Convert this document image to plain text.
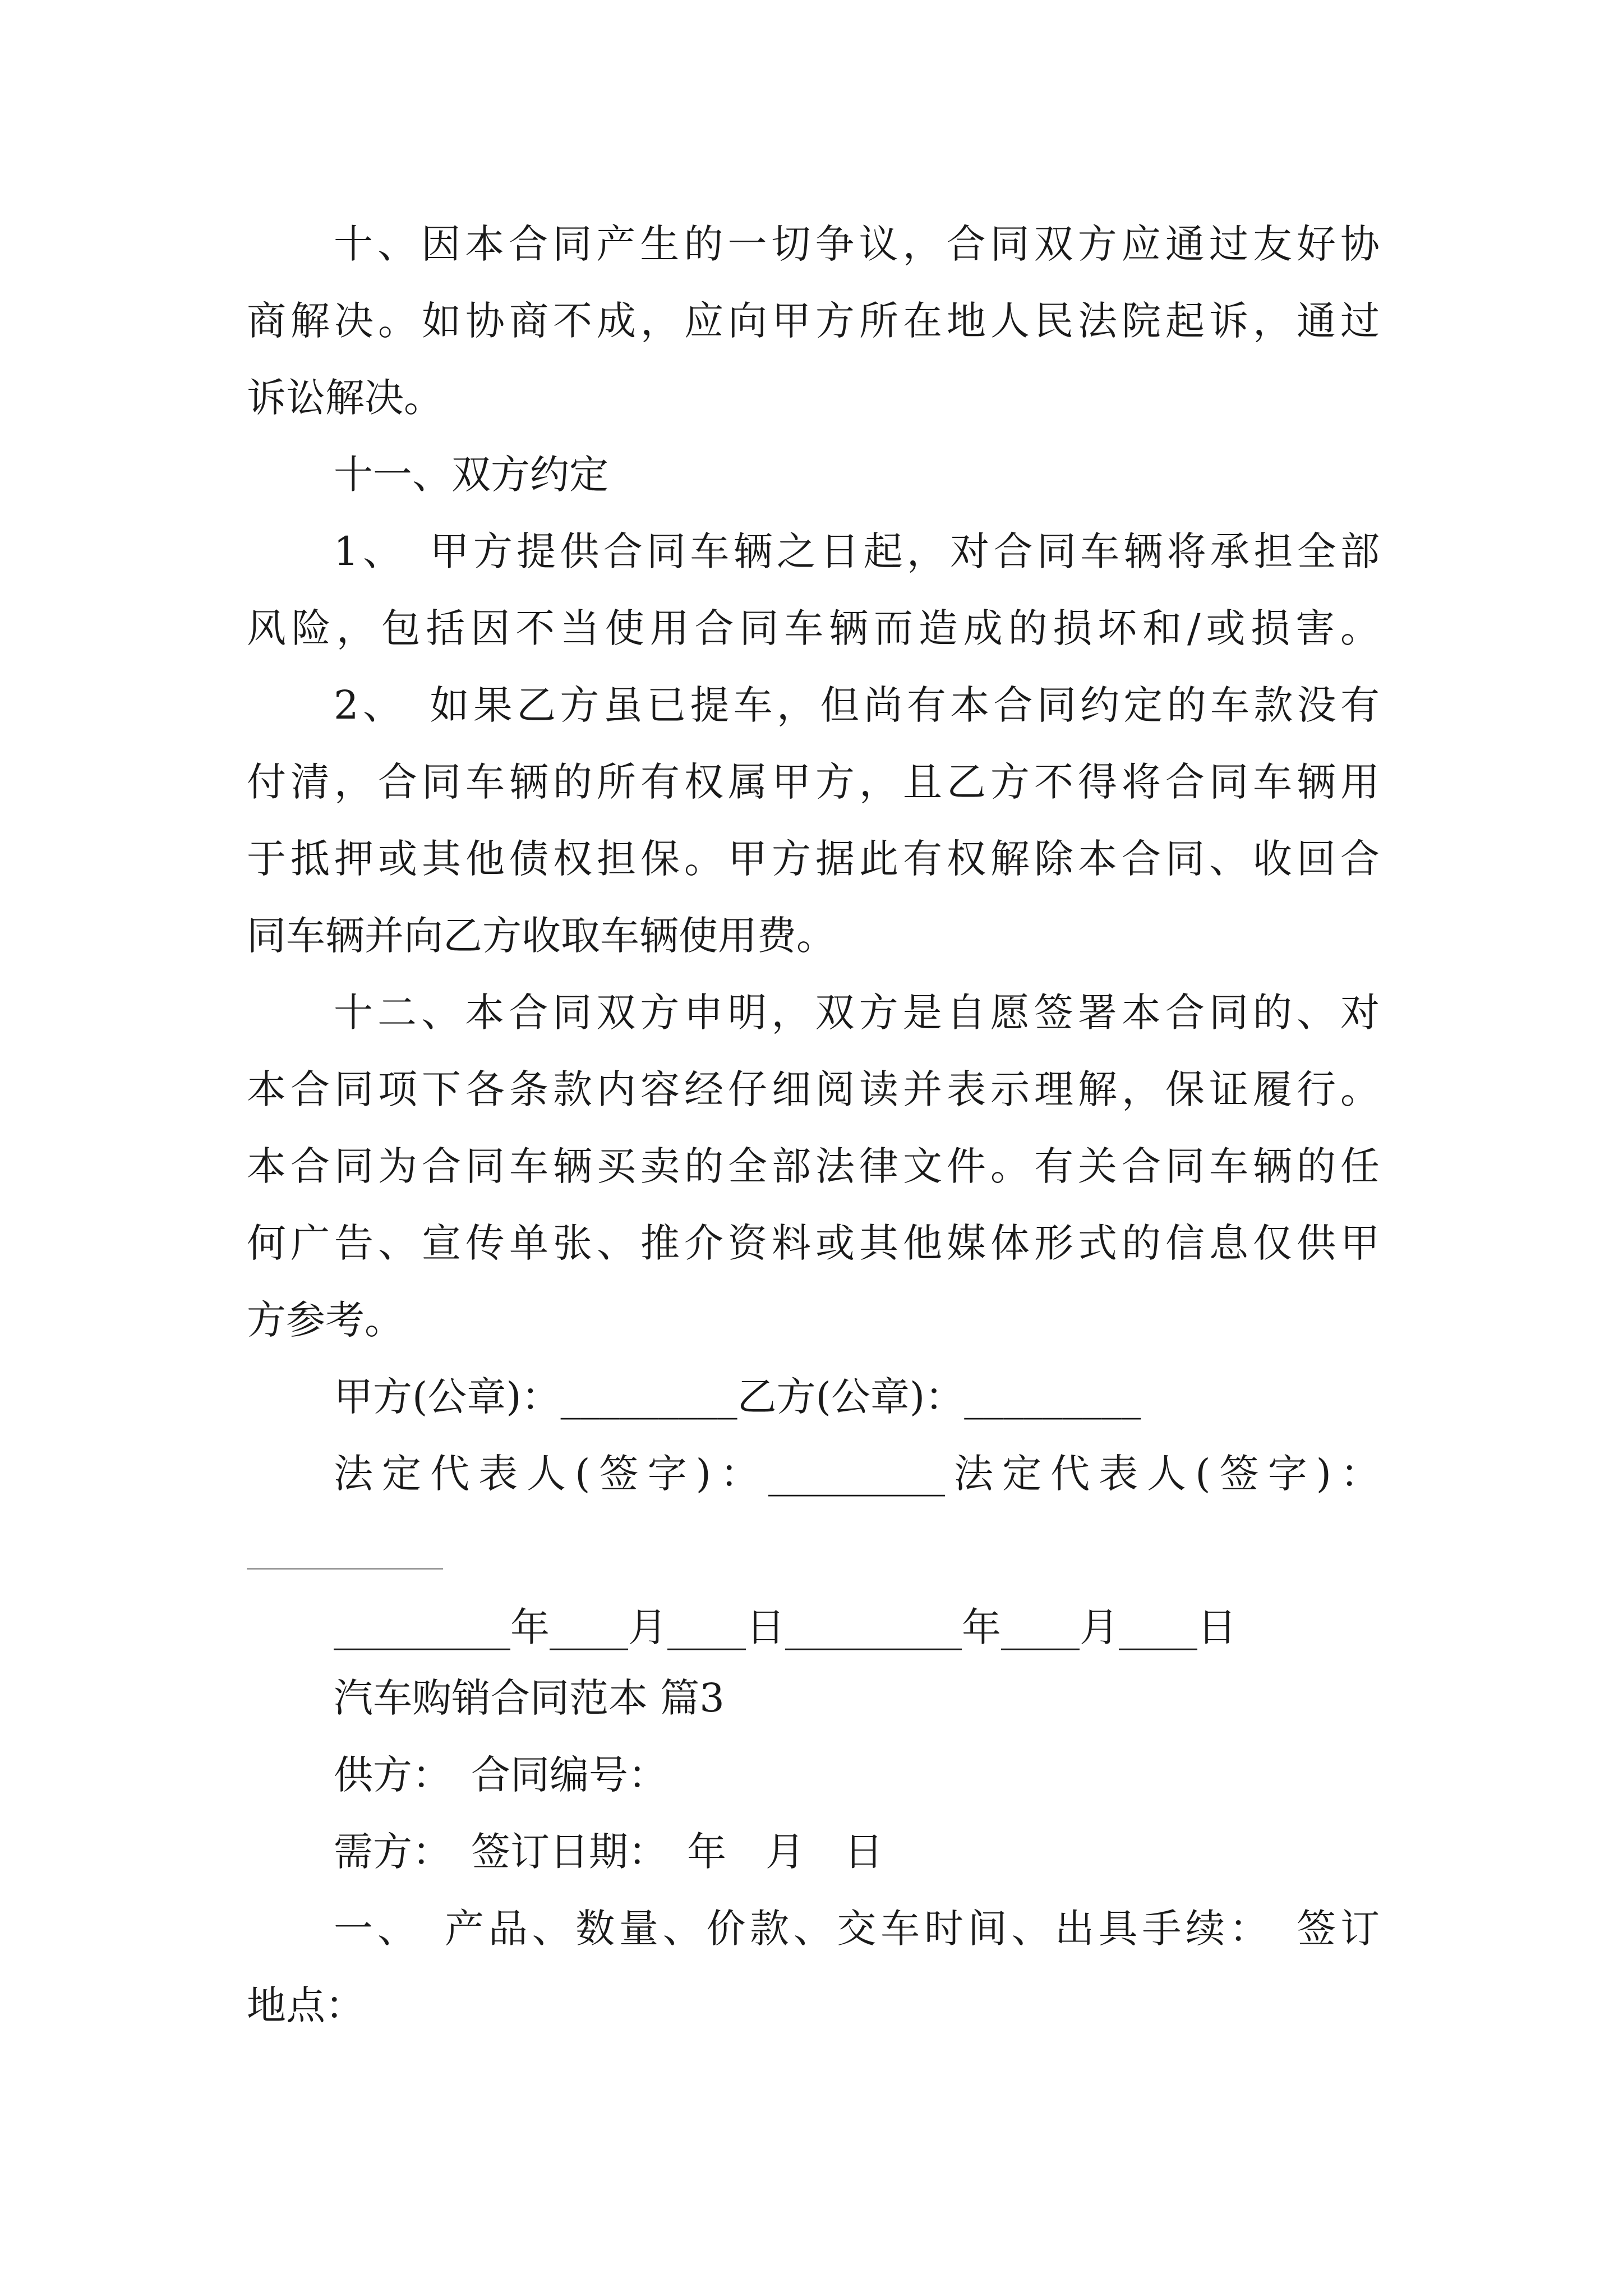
十、因本合同产生的一切争议，合同双方应通过友好协
商解决。如协商不成，应向甲方所在地人民法院起诉，通过
诉讼解决。
十一、双方约定
1、　甲方提供合同车辆之日起，对合同车辆将承担全部
风险，包括因不当使用合同车辆而造成的损坏和/或损害。
2、　如果乙方虽已提车，但尚有本合同约定的车款没有
付清，合同车辆的所有权属甲方，且乙方不得将合同车辆用
于抵押或其他债权担保。甲方据此有权解除本合同、收回合
同车辆并向乙方收取车辆使用费。
十二、本合同双方申明，双方是自愿签署本合同的、对
本合同项下各条款内容经仔细阅读并表示理解，保证履行。
本合同为合同车辆买卖的全部法律文件。有关合同车辆的任
何广告、宣传单张、推介资料或其他媒体形式的信息仅供甲
方参考。
甲方(公章)：_________乙方(公章)：_________
法定代表人(签字)：_________法定代表人(签字)：
_________年____月____日_________年____月____日
汽车购销合同范本 篇3
供方：　合同编号：
需方：　签订日期：　年　月　日
一、　产品、数量、价款、交车时间、出具手续：　签订
地点：
